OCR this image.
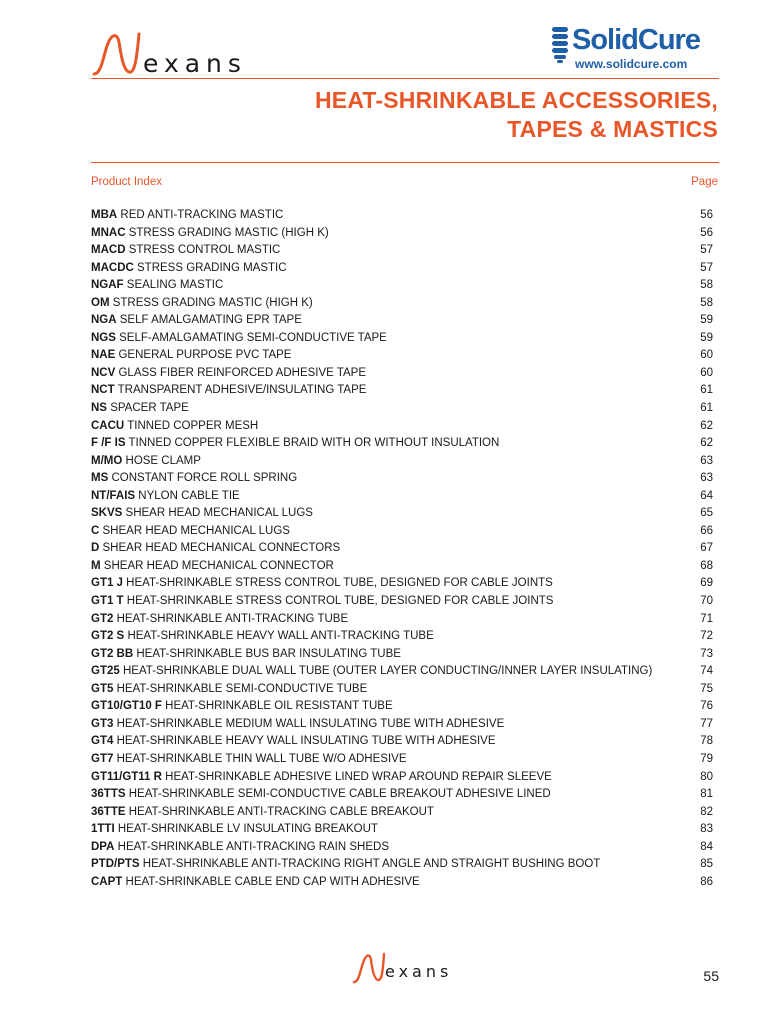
exans
SolidCure
www.solidcure.com
HEAT-SHRINKABLE ACCESSORIES,
TAPES & MASTICS
Product Index	Page
MBA RED ANTI-TRACKING MASTIC	56
MNAC STRESS GRADING MASTIC (HIGH K)	56
MACD STRESS CONTROL MASTIC	57
MACDC STRESS GRADING MASTIC	57
NGAF SEALING MASTIC	58
OM STRESS GRADING MASTIC (HIGH K)	58
NGA SELF AMALGAMATING EPR TAPE	59
NGS SELF-AMALGAMATING SEMI-CONDUCTIVE TAPE	59
NAE GENERAL PURPOSE PVC TAPE	60
NCV GLASS FIBER REINFORCED ADHESIVE TAPE	60
NCT TRANSPARENT ADHESIVE/INSULATING TAPE	61
NS SPACER TAPE	61
CACU TINNED COPPER MESH	62
F /F IS TINNED COPPER FLEXIBLE BRAID WITH OR WITHOUT INSULATION	62
M/MO HOSE CLAMP	63
MS CONSTANT FORCE ROLL SPRING	63
NT/FAIS NYLON CABLE TIE	64
SKVS SHEAR HEAD MECHANICAL LUGS	65
C SHEAR HEAD MECHANICAL LUGS	66
D SHEAR HEAD MECHANICAL CONNECTORS	67
M SHEAR HEAD MECHANICAL CONNECTOR	68
GT1 J HEAT-SHRINKABLE STRESS CONTROL TUBE, DESIGNED FOR CABLE JOINTS	69
GT1 T HEAT-SHRINKABLE STRESS CONTROL TUBE, DESIGNED FOR CABLE JOINTS	70
GT2 HEAT-SHRINKABLE ANTI-TRACKING TUBE	71
GT2 S HEAT-SHRINKABLE HEAVY WALL ANTI-TRACKING TUBE	72
GT2 BB HEAT-SHRINKABLE BUS BAR INSULATING TUBE	73
GT25 HEAT-SHRINKABLE DUAL WALL TUBE (OUTER LAYER CONDUCTING/INNER LAYER INSULATING)	74
GT5 HEAT-SHRINKABLE SEMI-CONDUCTIVE TUBE	75
GT10/GT10 F HEAT-SHRINKABLE OIL RESISTANT TUBE	76
GT3 HEAT-SHRINKABLE MEDIUM WALL INSULATING TUBE WITH ADHESIVE	77
GT4 HEAT-SHRINKABLE HEAVY WALL INSULATING TUBE WITH ADHESIVE	78
GT7 HEAT-SHRINKABLE THIN WALL TUBE W/O ADHESIVE	79
GT11/GT11 R HEAT-SHRINKABLE ADHESIVE LINED WRAP AROUND REPAIR SLEEVE	80
36TTS HEAT-SHRINKABLE SEMI-CONDUCTIVE CABLE BREAKOUT ADHESIVE LINED	81
36TTE HEAT-SHRINKABLE ANTI-TRACKING CABLE BREAKOUT	82
1TTI HEAT-SHRINKABLE LV INSULATING BREAKOUT	83
DPA HEAT-SHRINKABLE ANTI-TRACKING RAIN SHEDS	84
PTD/PTS HEAT-SHRINKABLE ANTI-TRACKING RIGHT ANGLE AND STRAIGHT BUSHING BOOT	85
CAPT HEAT-SHRINKABLE CABLE END CAP WITH ADHESIVE	86
exans	55
